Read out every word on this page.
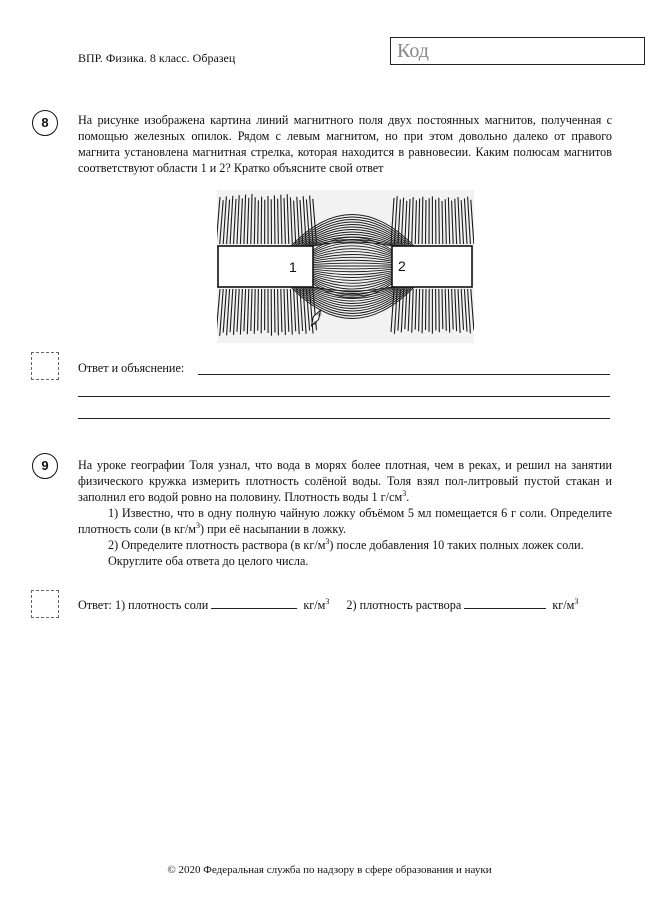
ВПР. Физика. 8 класс. Образец	Код
8	На рисунке изображена картина линий магнитного поля двух постоянных магнитов, полученная с помощью железных опилок. Рядом с левым магнитом, но при этом довольно далеко от правого магнита установлена магнитная стрелка, которая находится в равновесии. Каким полюсам магнитов соответствуют области 1 и 2? Кратко объясните свой ответ
1	2
N
S
Ответ и объяснение:
9	На уроке географии Толя узнал, что вода в морях более плотная, чем в реках, и решил на занятии физического кружка измерить плотность солёной воды. Толя взял пол-литровый пустой стакан и заполнил его водой ровно на половину. Плотность воды 1 $г/см^3$.
1) Известно, что в одну полную чайную ложку объёмом 5 мл помещается 6 г соли. Определите плотность соли (в $кг/м^3$) при её насыпании в ложку.
2) Определите плотность раствора (в $кг/м^3$) после добавления 10 таких полных ложек соли.
Округлите оба ответа до целого числа.
Ответ: 1) плотность соли	$кг/м^3$ 2) плотность раствора	$кг/м^3$
© 2020 Федеральная служба по надзору в сфере образования и науки
